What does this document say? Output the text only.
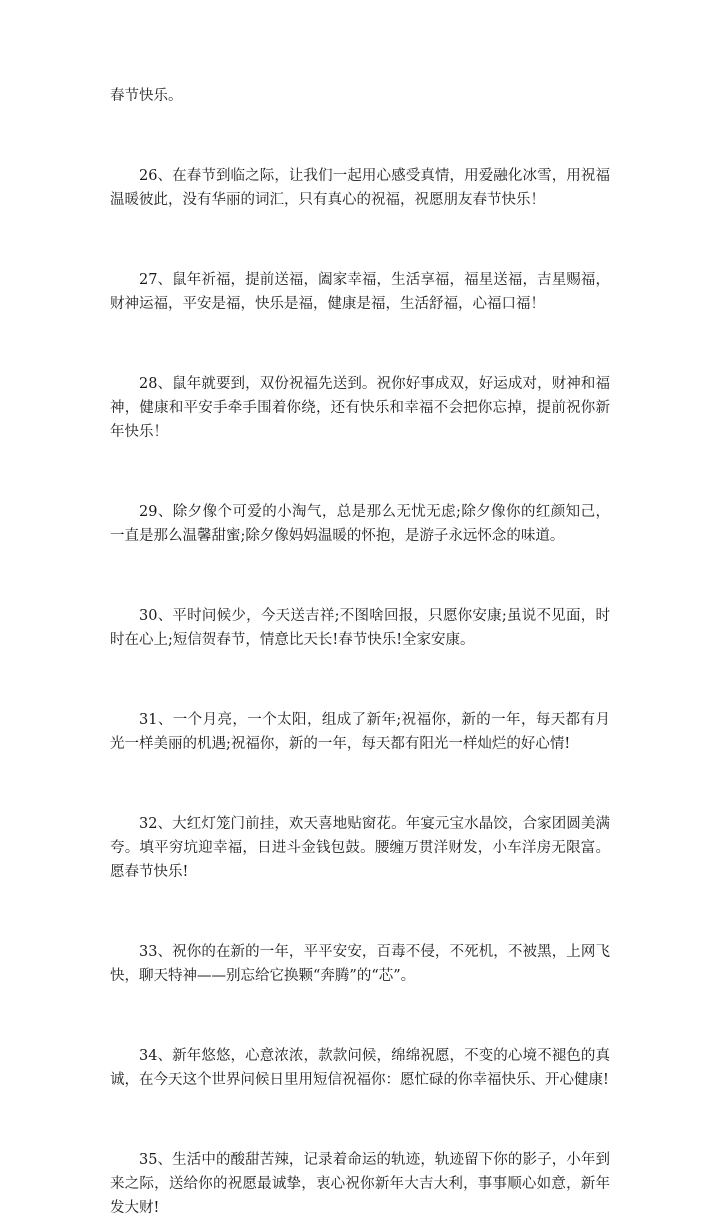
春节快乐。

26、在春节到临之际，让我们一起用心感受真情，用爱融化冰雪，用祝福温暖彼此，没有华丽的词汇，只有真心的祝福，祝愿朋友春节快乐！

27、鼠年祈福，提前送福，阖家幸福，生活享福，福星送福，吉星赐福，财神运福，平安是福，快乐是福，健康是福，生活舒福，心福口福！

28、鼠年就要到，双份祝福先送到。祝你好事成双，好运成对，财神和福神，健康和平安手牵手围着你绕，还有快乐和幸福不会把你忘掉，提前祝你新年快乐！

29、除夕像个可爱的小淘气，总是那么无忧无虑;除夕像你的红颜知己，一直是那么温馨甜蜜;除夕像妈妈温暖的怀抱，是游子永远怀念的味道。

30、平时问候少，今天送吉祥;不图啥回报，只愿你安康;虽说不见面，时时在心上;短信贺春节，情意比天长!春节快乐!全家安康。

31、一个月亮，一个太阳，组成了新年;祝福你，新的一年，每天都有月光一样美丽的机遇;祝福你，新的一年，每天都有阳光一样灿烂的好心情!

32、大红灯笼门前挂，欢天喜地贴窗花。年宴元宝水晶饺，合家团圆美满夸。填平穷坑迎幸福，日进斗金钱包鼓。腰缠万贯洋财发，小车洋房无限富。愿春节快乐!

33、祝你的在新的一年，平平安安，百毒不侵，不死机，不被黑，上网飞快，聊天特神——别忘给它换颗“奔腾”的“芯”。

34、新年悠悠，心意浓浓，款款问候，绵绵祝愿，不变的心境不褪色的真诚，在今天这个世界问候日里用短信祝福你：愿忙碌的你幸福快乐、开心健康!

35、生活中的酸甜苦辣，记录着命运的轨迹，轨迹留下你的影子，小年到来之际，送给你的祝愿最诚挚，衷心祝你新年大吉大利，事事顺心如意，新年发大财!
